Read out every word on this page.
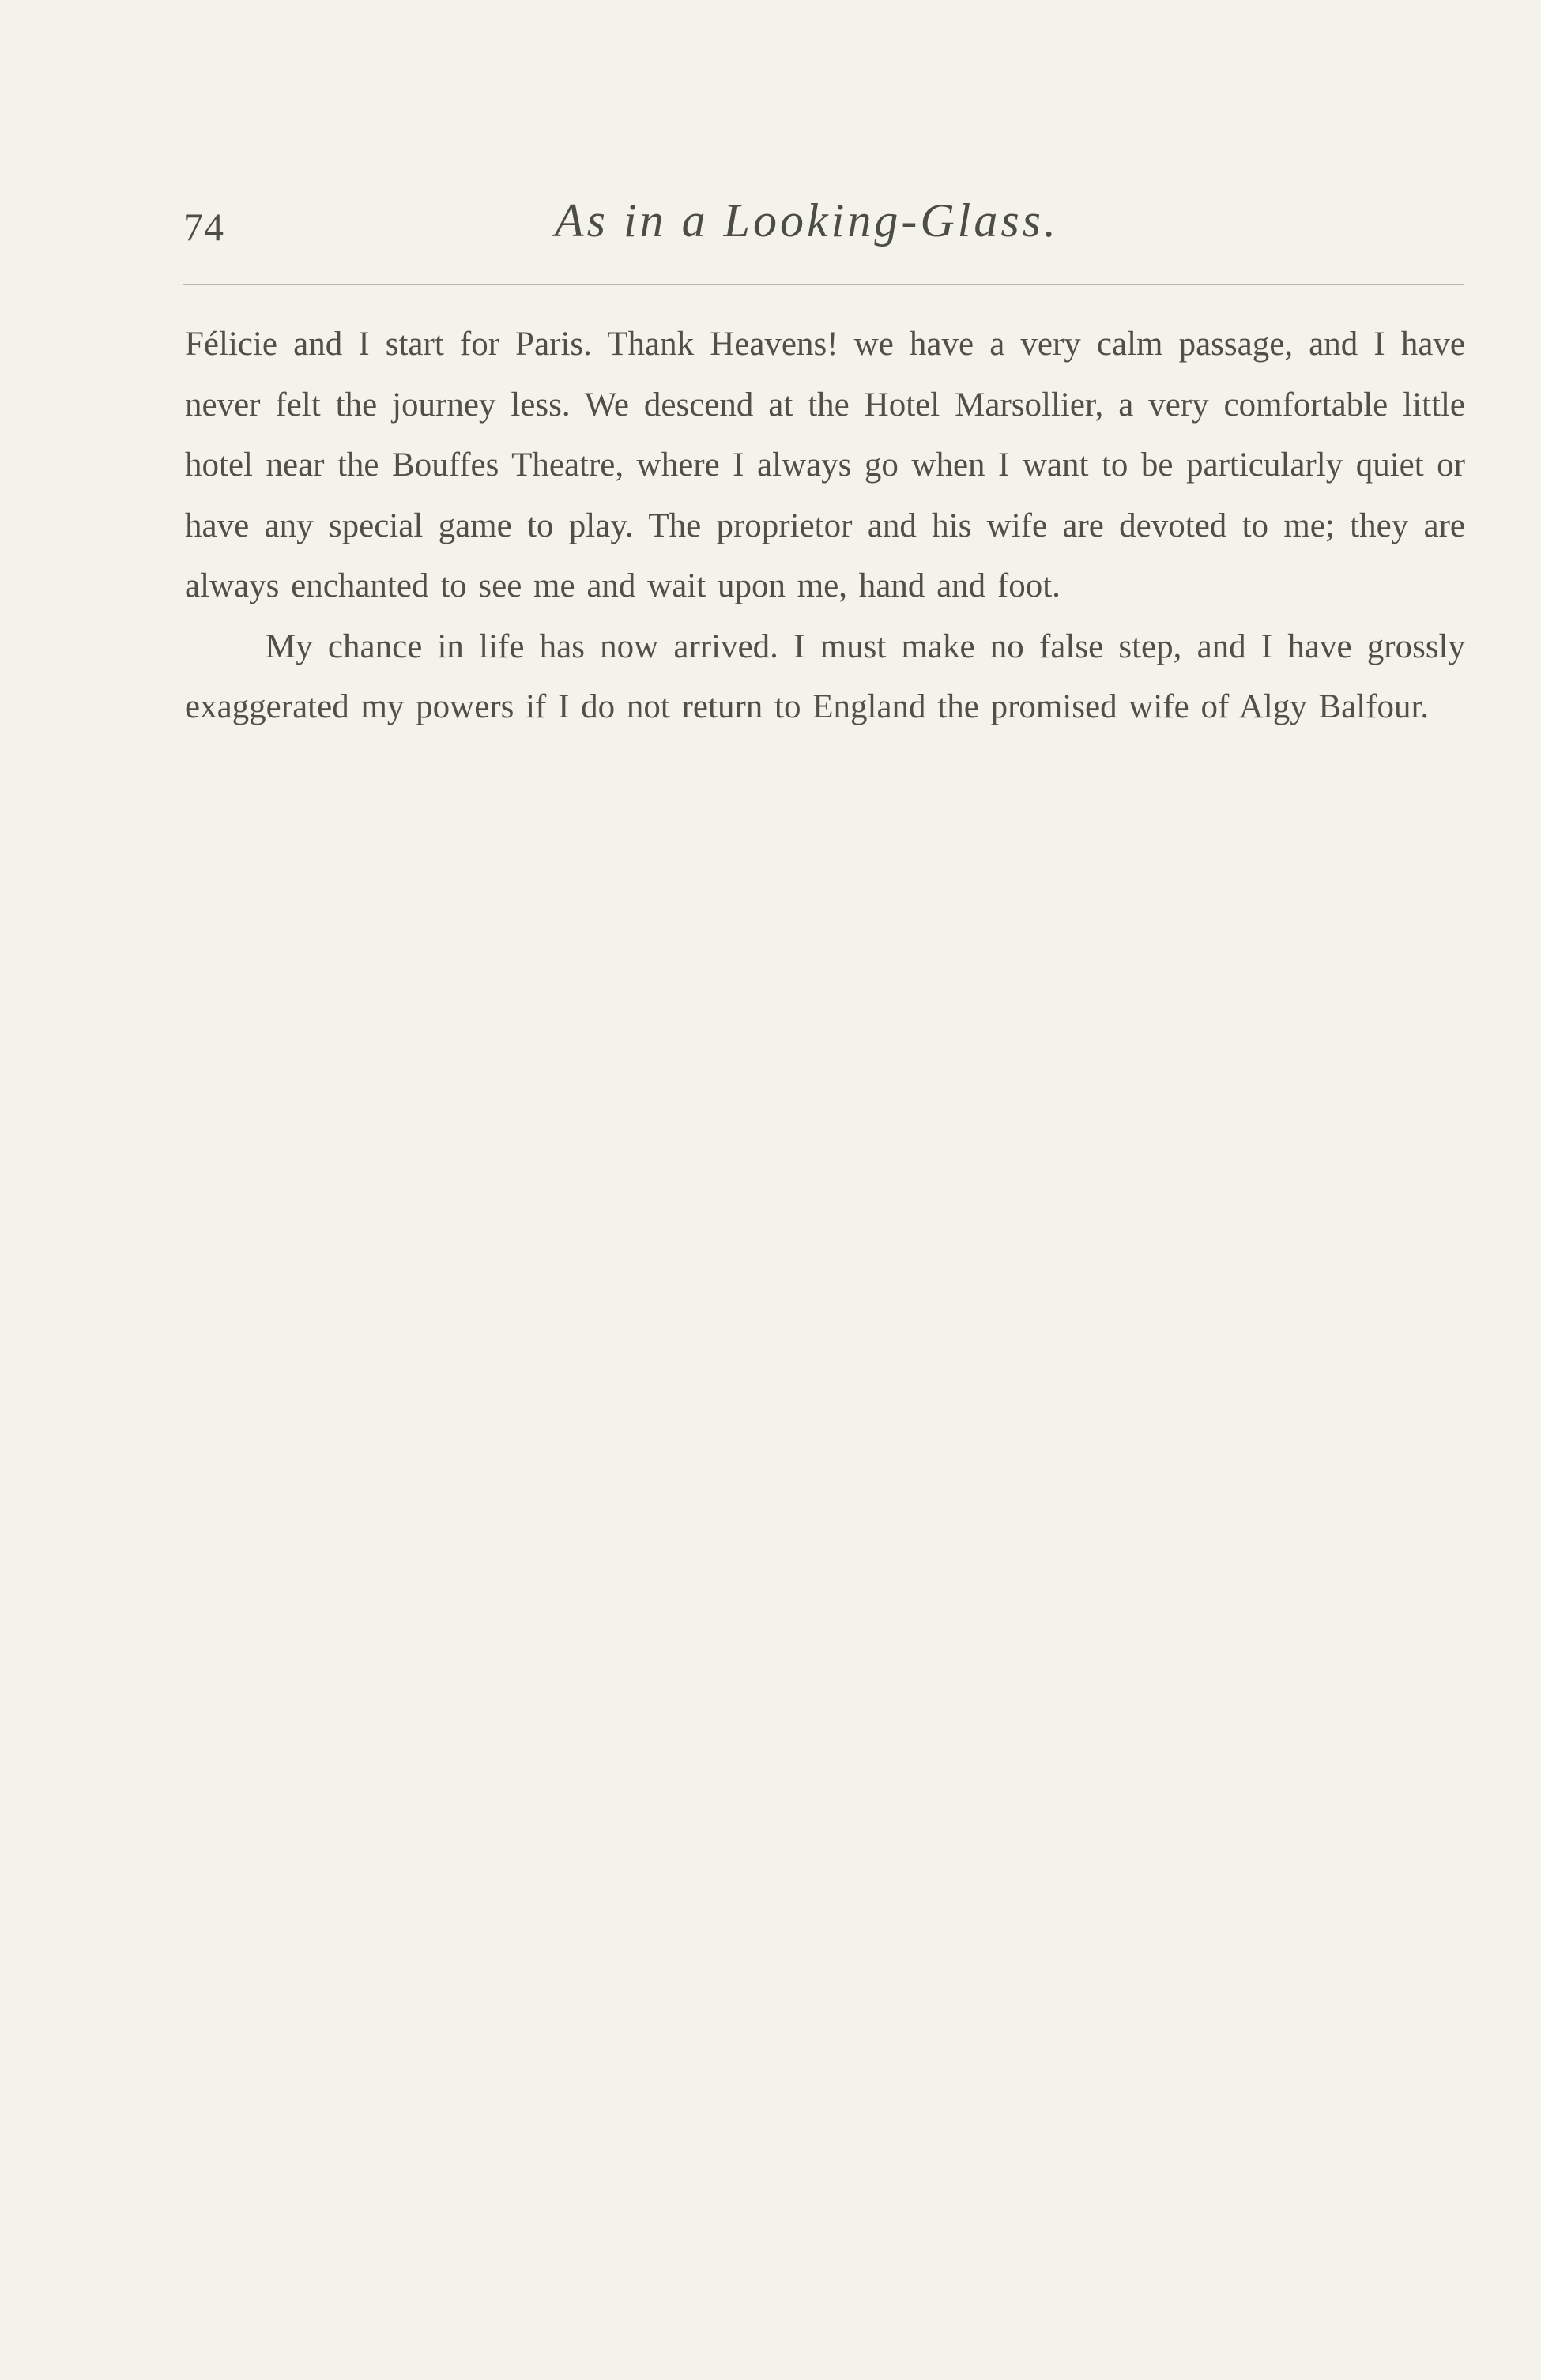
74	As in a Looking-Glass.

Félicie and I start for Paris. Thank Heavens! we have a very calm passage, and I have never felt the journey less. We descend at the Hotel Marsollier, a very comfortable little hotel near the Bouffes Theatre, where I always go when I want to be particularly quiet or have any special game to play. The proprietor and his wife are devoted to me; they are always enchanted to see me and wait upon me, hand and foot.

My chance in life has now arrived. I must make no false step, and I have grossly exaggerated my powers if I do not return to England the promised wife of Algy Balfour.
